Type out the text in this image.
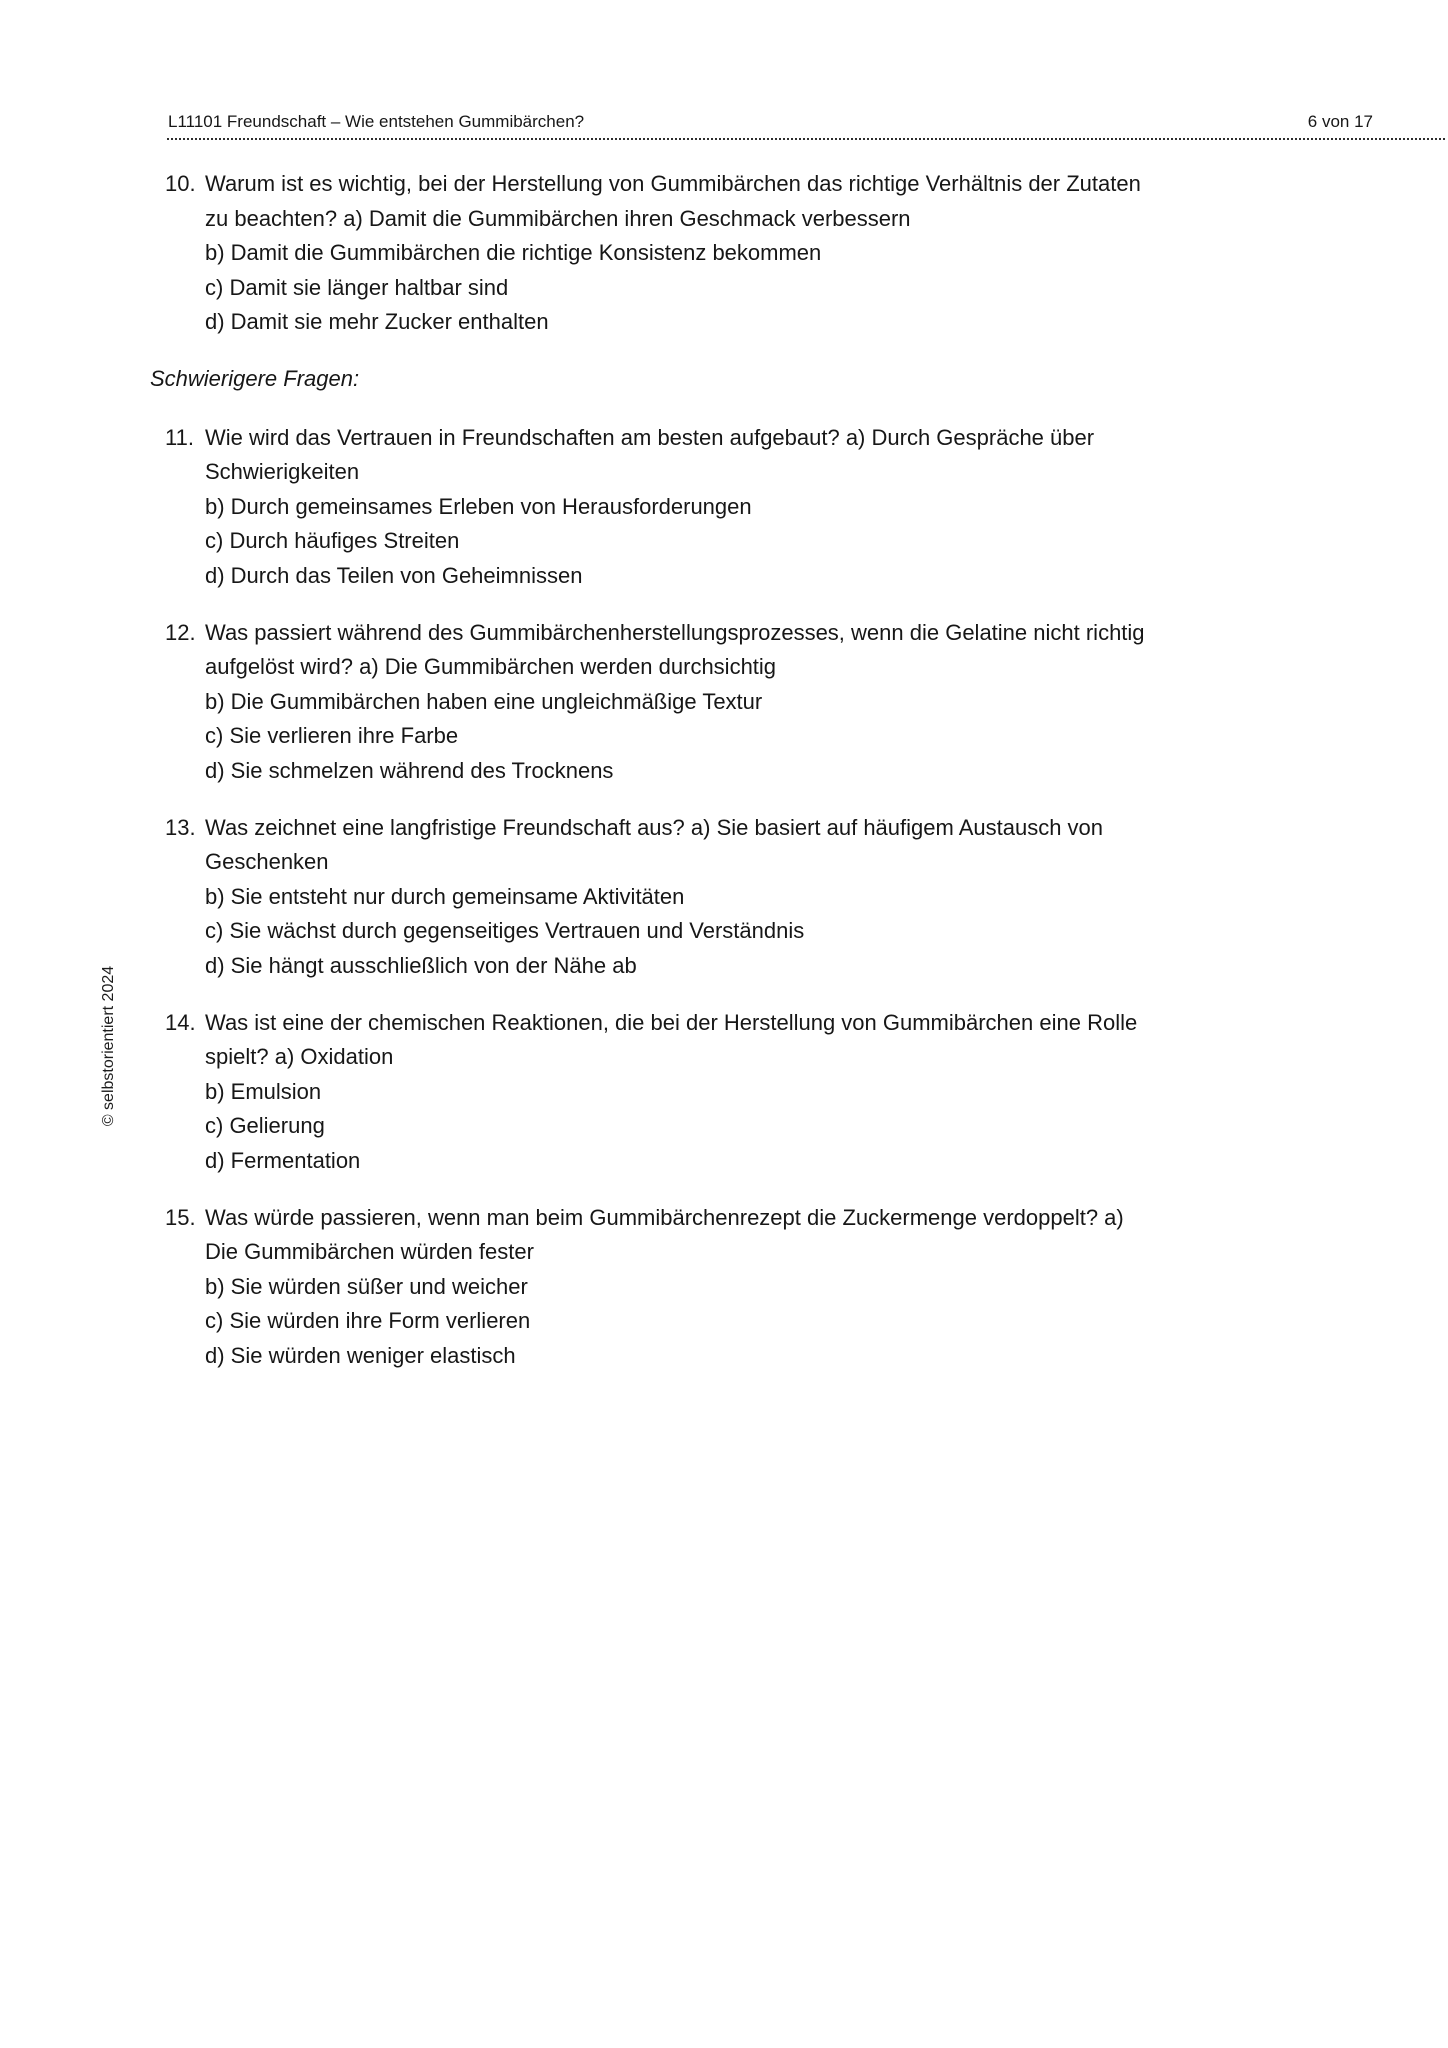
L11101 Freundschaft – Wie entstehen Gummibärchen?	6 von 17
© selbstorientiert 2024
10. Warum ist es wichtig, bei der Herstellung von Gummibärchen das richtige Verhältnis der Zutaten
zu beachten? a) Damit die Gummibärchen ihren Geschmack verbessern
b) Damit die Gummibärchen die richtige Konsistenz bekommen
c) Damit sie länger haltbar sind
d) Damit sie mehr Zucker enthalten
Schwierigere Fragen:
11. Wie wird das Vertrauen in Freundschaften am besten aufgebaut? a) Durch Gespräche über
Schwierigkeiten
b) Durch gemeinsames Erleben von Herausforderungen
c) Durch häufiges Streiten
d) Durch das Teilen von Geheimnissen
12. Was passiert während des Gummibärchenherstellungsprozesses, wenn die Gelatine nicht richtig
aufgelöst wird? a) Die Gummibärchen werden durchsichtig
b) Die Gummibärchen haben eine ungleichmäßige Textur
c) Sie verlieren ihre Farbe
d) Sie schmelzen während des Trocknens
13. Was zeichnet eine langfristige Freundschaft aus? a) Sie basiert auf häufigem Austausch von
Geschenken
b) Sie entsteht nur durch gemeinsame Aktivitäten
c) Sie wächst durch gegenseitiges Vertrauen und Verständnis
d) Sie hängt ausschließlich von der Nähe ab
14. Was ist eine der chemischen Reaktionen, die bei der Herstellung von Gummibärchen eine Rolle
spielt? a) Oxidation
b) Emulsion
c) Gelierung
d) Fermentation
15. Was würde passieren, wenn man beim Gummibärchenrezept die Zuckermenge verdoppelt? a)
Die Gummibärchen würden fester
b) Sie würden süßer und weicher
c) Sie würden ihre Form verlieren
d) Sie würden weniger elastisch
